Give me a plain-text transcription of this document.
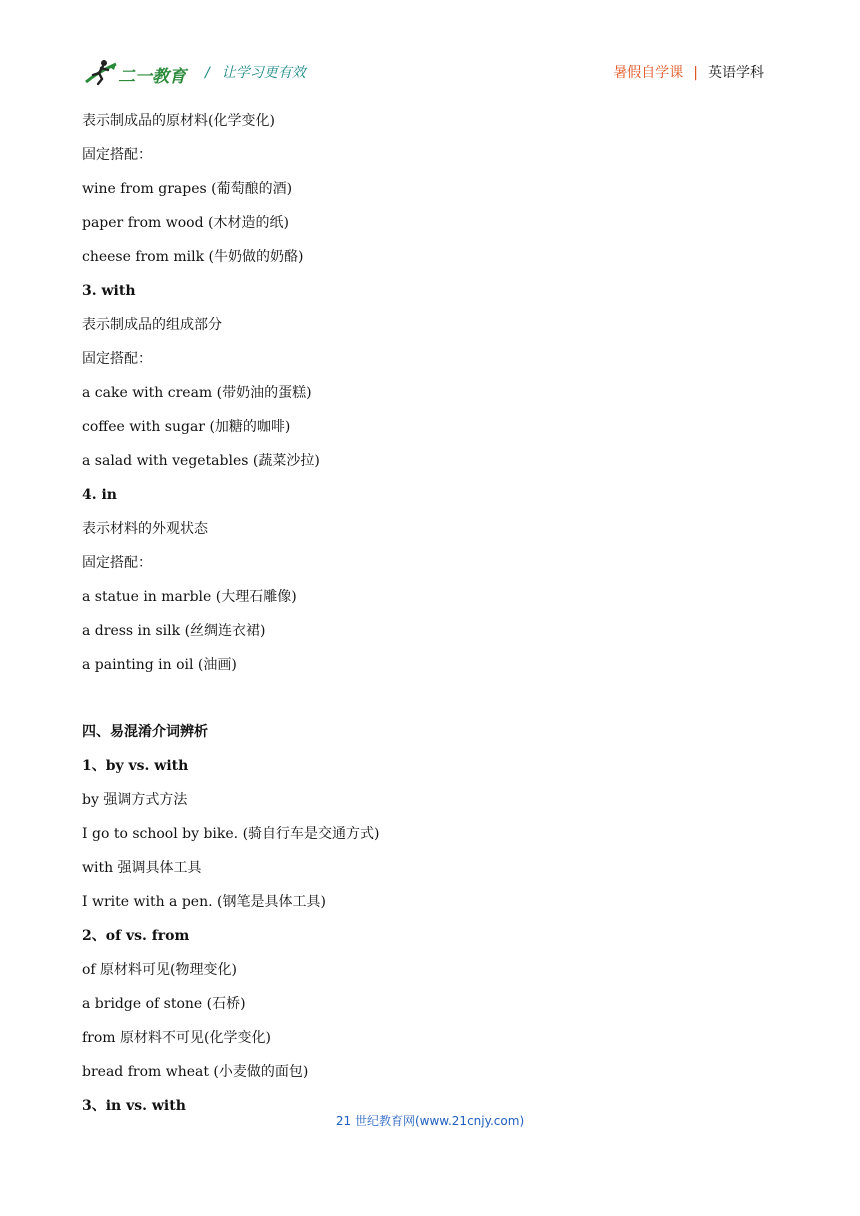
二一教育 / 让学习更有效	暑假自学课 | 英语学科
表示制成品的原材料(化学变化)
固定搭配：
wine from grapes (葡萄酿的酒)
paper from wood (木材造的纸)
cheese from milk (牛奶做的奶酪)
3. with
表示制成品的组成部分
固定搭配：
a cake with cream (带奶油的蛋糕)
coffee with sugar (加糖的咖啡)
a salad with vegetables (蔬菜沙拉)
4. in
表示材料的外观状态
固定搭配：
a statue in marble (大理石雕像)
a dress in silk (丝绸连衣裙)
a painting in oil (油画)
四、易混淆介词辨析
1、by vs. with
by 强调方式方法
I go to school by bike. (骑自行车是交通方式)
with 强调具体工具
I write with a pen. (钢笔是具体工具)
2、of vs. from
of 原材料可见(物理变化)
a bridge of stone (石桥)
from 原材料不可见(化学变化)
bread from wheat (小麦做的面包)
3、in vs. with
21 世纪教育网(www.21cnjy.com)
